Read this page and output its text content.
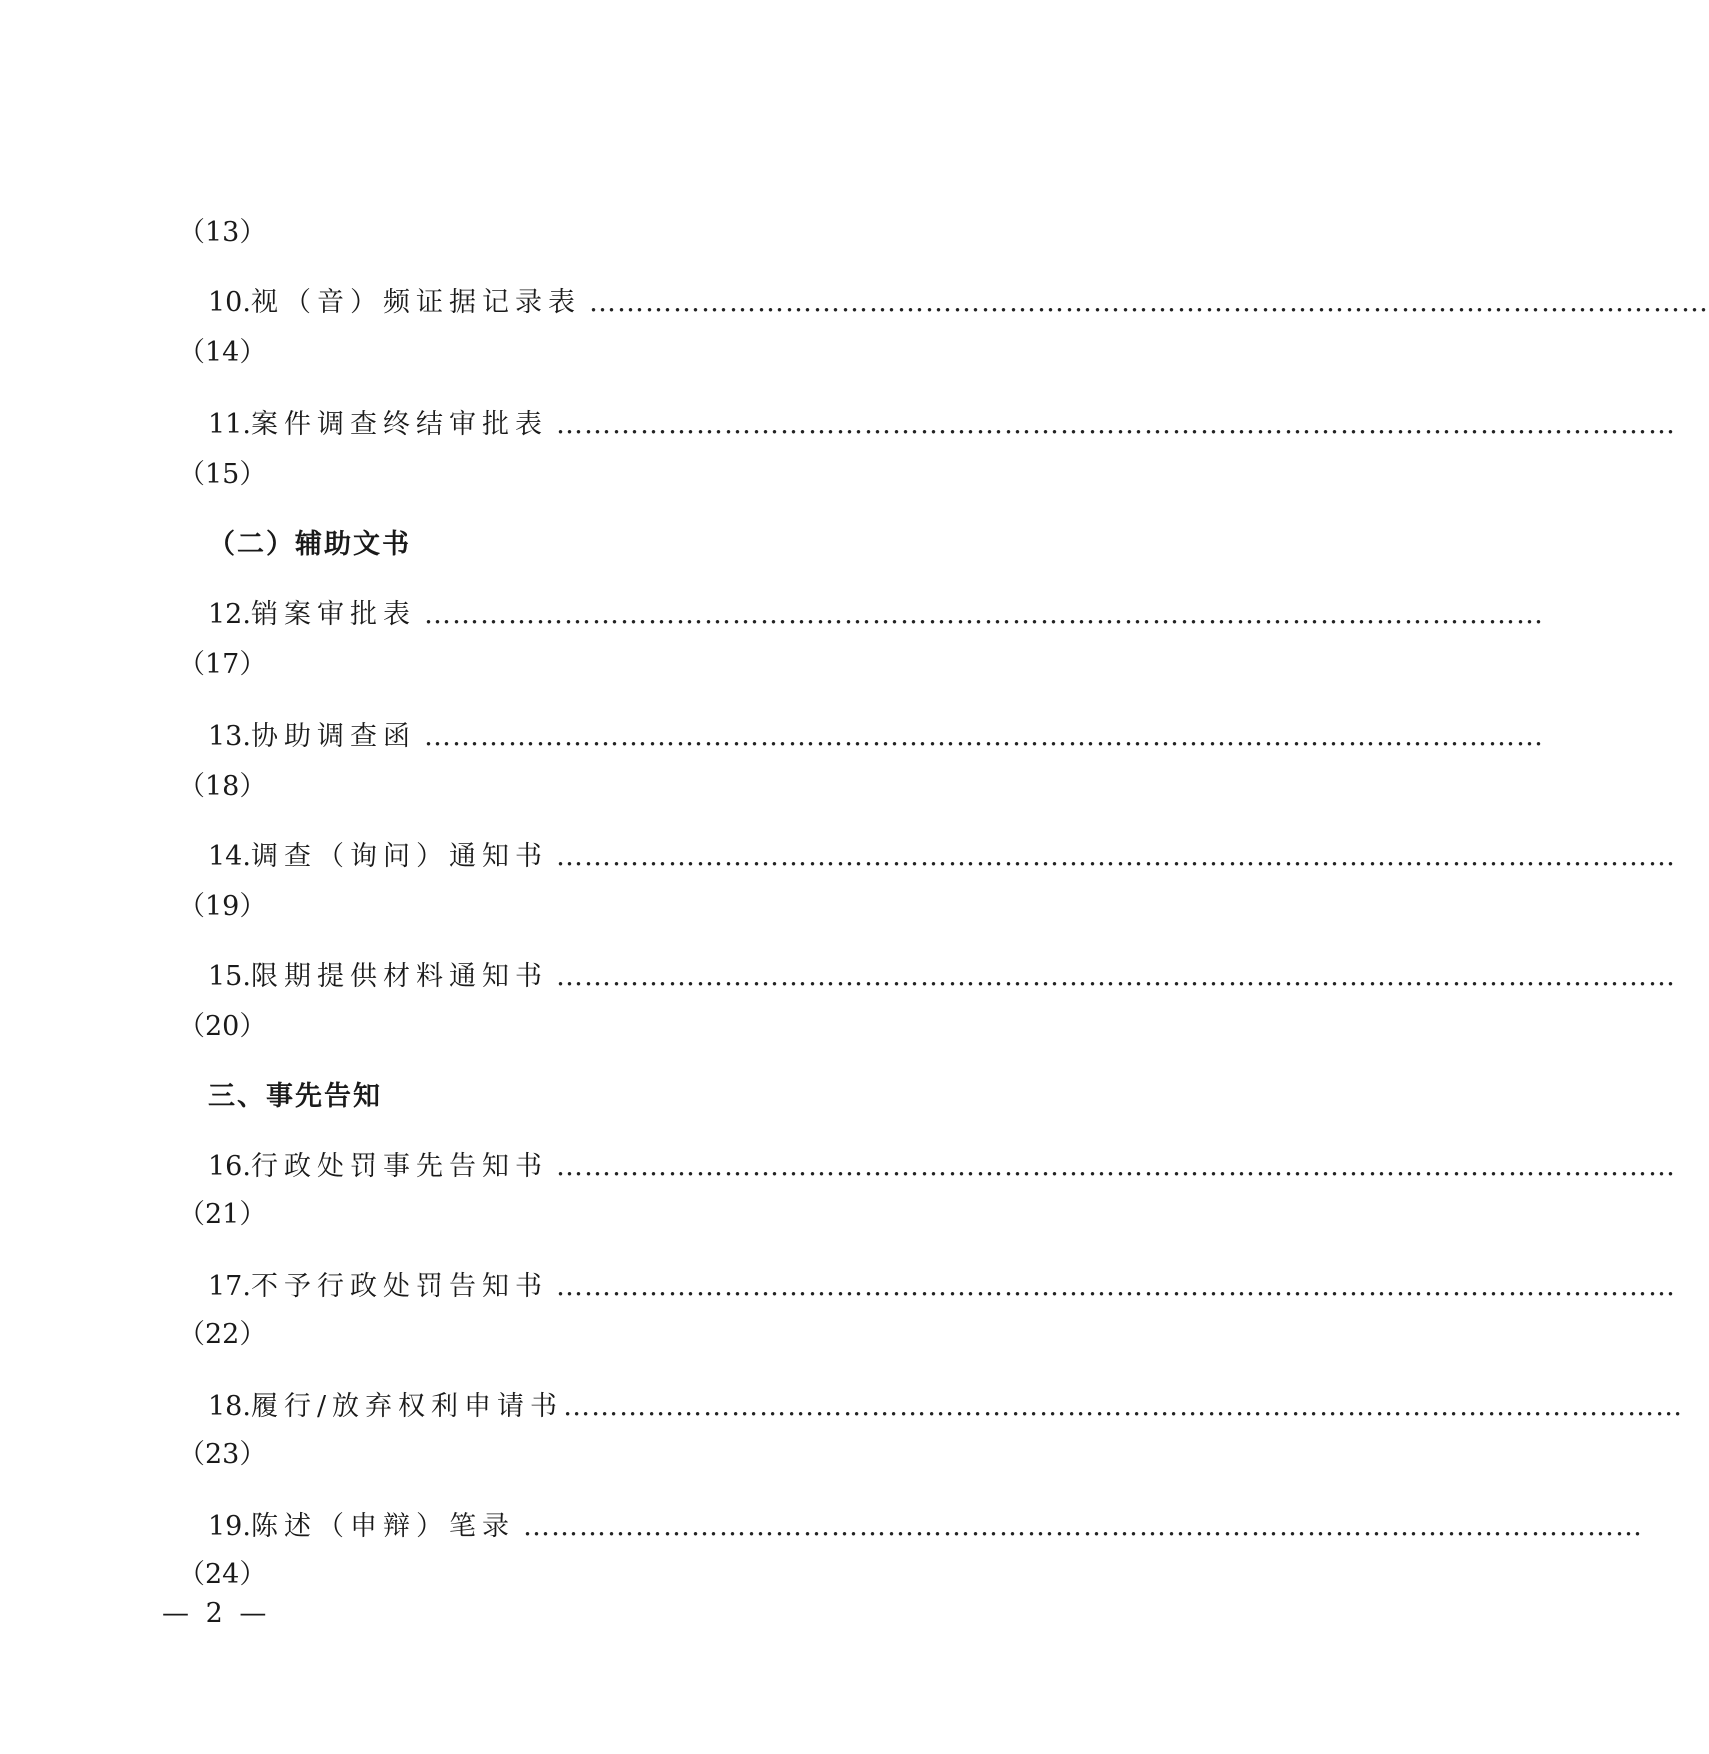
（13）
10. 视（音）频证据记录表 …………………………………………………………………………………………………………
（14）
11. 案件调查终结审批表 …………………………………………………………………………………………………………
（15）
（二）辅助文书
12. 销案审批表 …………………………………………………………………………………………………………
（17）
13. 协助调查函 …………………………………………………………………………………………………………
（18）
14. 调查（询问）通知书 …………………………………………………………………………………………………………
（19）
15. 限期提供材料通知书 …………………………………………………………………………………………………………
（20）
三、事先告知
16. 行政处罚事先告知书 …………………………………………………………………………………………………………
（21）
17. 不予行政处罚告知书 …………………………………………………………………………………………………………
（22）
18. 履行/放弃权利申请书 …………………………………………………………………………………………………………
（23）
19. 陈述（申辩）笔录 …………………………………………………………………………………………………………
（24）
— 2 —
